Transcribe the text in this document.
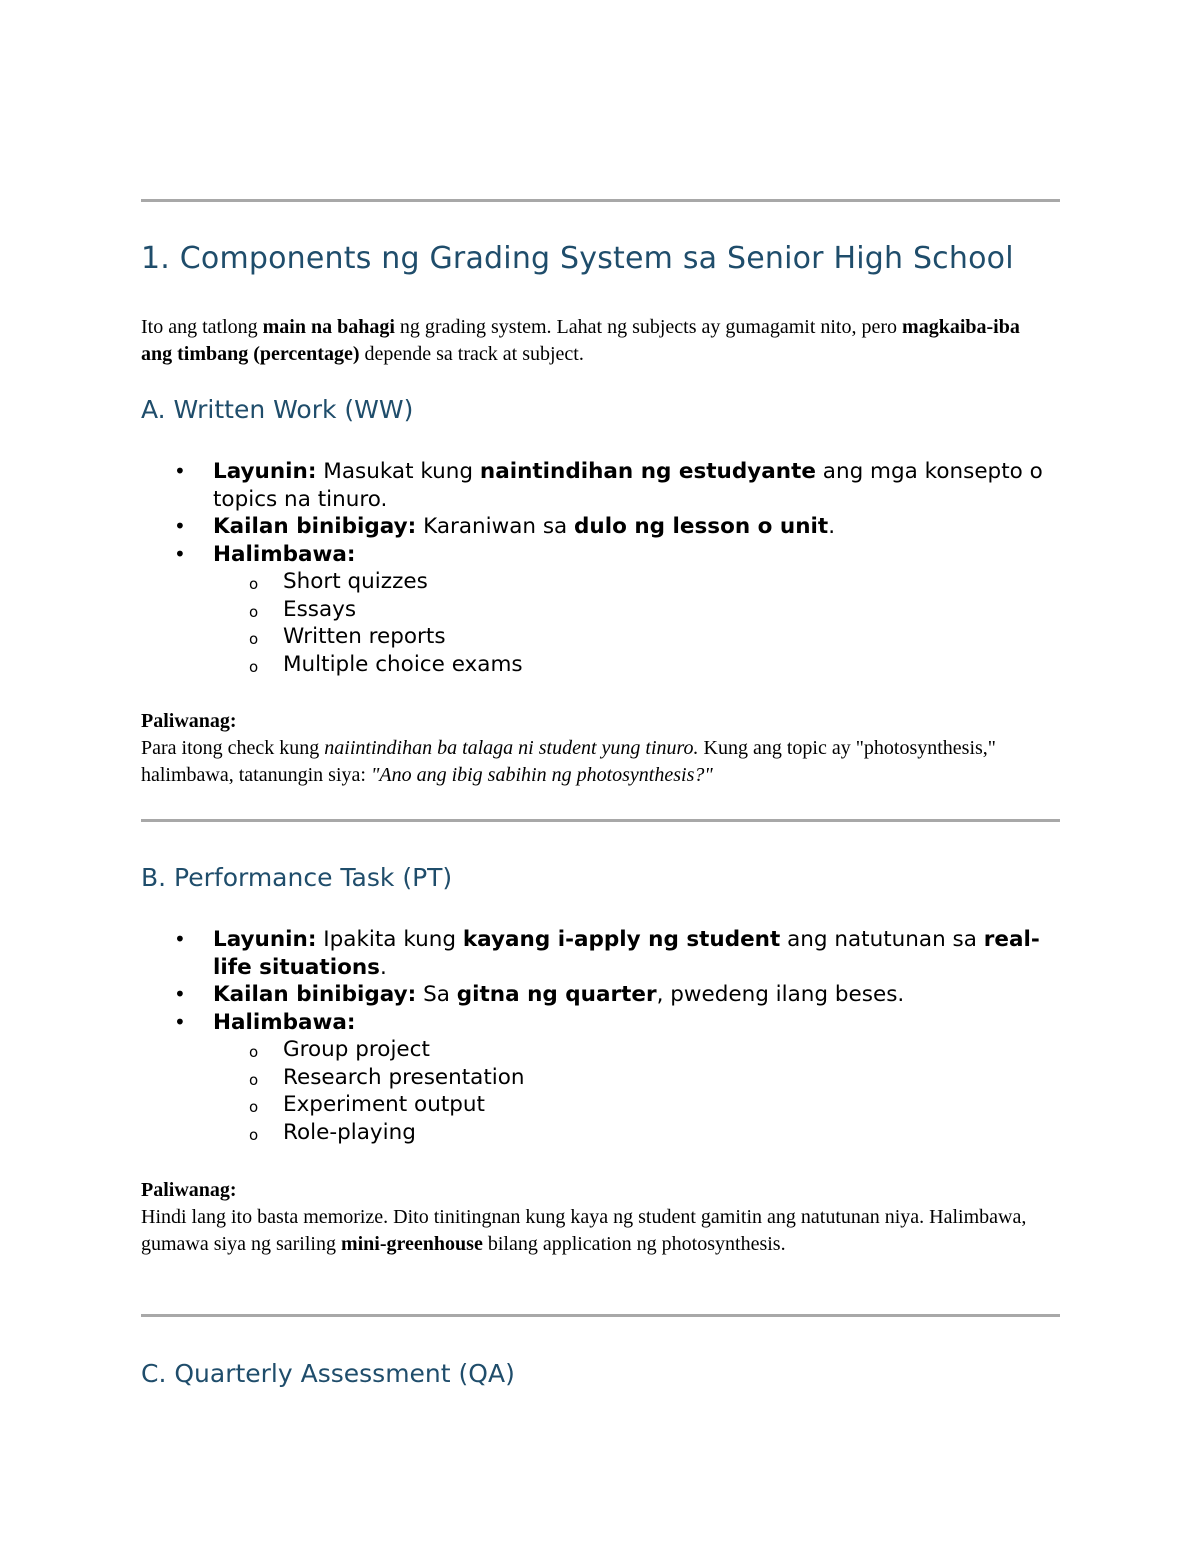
1. Components ng Grading System sa Senior High School
Ito ang tatlong main na bahagi ng grading system. Lahat ng subjects ay gumagamit nito, pero magkaiba-iba ang timbang (percentage) depende sa track at subject.
A. Written Work (WW)
• Layunin: Masukat kung naintindihan ng estudyante ang mga konsepto o topics na tinuro.
• Kailan binibigay: Karaniwan sa dulo ng lesson o unit.
• Halimbawa:
o Short quizzes
o Essays
o Written reports
o Multiple choice exams
Paliwanag:
Para itong check kung naiintindihan ba talaga ni student yung tinuro. Kung ang topic ay "photosynthesis," halimbawa, tatanungin siya: "Ano ang ibig sabihin ng photosynthesis?"
B. Performance Task (PT)
• Layunin: Ipakita kung kayang i-apply ng student ang natutunan sa real-life situations.
• Kailan binibigay: Sa gitna ng quarter, pwedeng ilang beses.
• Halimbawa:
o Group project
o Research presentation
o Experiment output
o Role-playing
Paliwanag:
Hindi lang ito basta memorize. Dito tinitingnan kung kaya ng student gamitin ang natutunan niya. Halimbawa, gumawa siya ng sariling mini-greenhouse bilang application ng photosynthesis.
C. Quarterly Assessment (QA)
